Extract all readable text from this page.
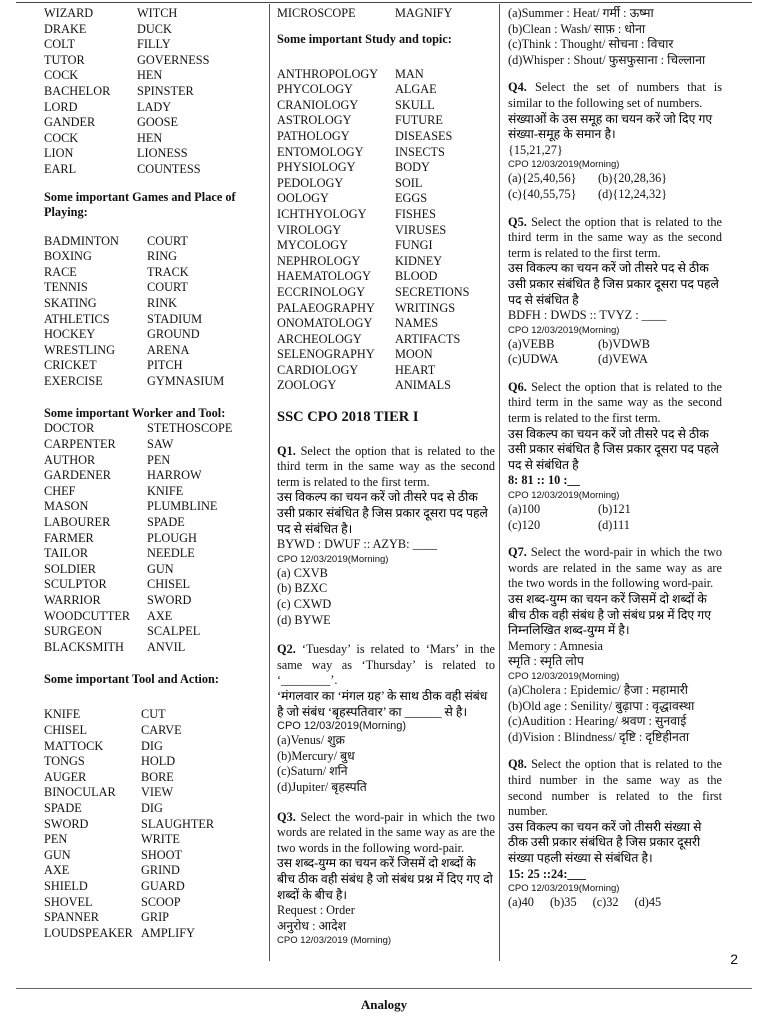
WIZARD	WITCH
DRAKE	DUCK
COLT	FILLY
TUTOR	GOVERNESS
COCK	HEN
BACHELOR	SPINSTER
LORD	LADY
GANDER	GOOSE
COCK	HEN
LION	LIONESS
EARL	COUNTESS
Some important Games and Place of Playing:
BADMINTON	COURT
BOXING	RING
RACE	TRACK
TENNIS	COURT
SKATING	RINK
ATHLETICS	STADIUM
HOCKEY	GROUND
WRESTLING	ARENA
CRICKET	PITCH
EXERCISE	GYMNASIUM
Some important Worker and Tool:
DOCTOR	STETHOSCOPE
CARPENTER	SAW
AUTHOR	PEN
GARDENER	HARROW
CHEF	KNIFE
MASON	PLUMBLINE
LABOURER	SPADE
FARMER	PLOUGH
TAILOR	NEEDLE
SOLDIER	GUN
SCULPTOR	CHISEL
WARRIOR	SWORD
WOODCUTTER	AXE
SURGEON	SCALPEL
BLACKSMITH	ANVIL
Some important Tool and Action:
KNIFE	CUT
CHISEL	CARVE
MATTOCK	DIG
TONGS	HOLD
AUGER	BORE
BINOCULAR	VIEW
SPADE	DIG
SWORD	SLAUGHTER
PEN	WRITE
GUN	SHOOT
AXE	GRIND
SHIELD	GUARD
SHOVEL	SCOOP
SPANNER	GRIP
LOUDSPEAKER AMPLIFY
MICROSCOPE	MAGNIFY
Some important Study and topic:
ANTHROPOLOGY	MAN
PHYCOLOGY	ALGAE
CRANIOLOGY	SKULL
ASTROLOGY	FUTURE
PATHOLOGY	DISEASES
ENTOMOLOGY	INSECTS
PHYSIOLOGY	BODY
PEDOLOGY	SOIL
OOLOGY	EGGS
ICHTHYOLOGY	FISHES
VIROLOGY	VIRUSES
MYCOLOGY	FUNGI
NEPHROLOGY	KIDNEY
HAEMATOLOGY	BLOOD
ECCRINOLOGY	SECRETIONS
PALAEOGRAPHY	WRITINGS
ONOMATOLOGY	NAMES
ARCHEOLOGY	ARTIFACTS
SELENOGRAPHY	MOON
CARDIOLOGY	HEART
ZOOLOGY	ANIMALS
SSC CPO 2018 TIER I
Q1. Select the option that is related to the third term in the same way as the second term is related to the first term.
उस विकल्प का चयन करें जो तीसरे पद से ठीक उसी प्रकार संबंधित है जिस प्रकार दूसरा पद पहले पद से संबंधित है।
BYWD : DWUF :: AZYB: ____
CPO 12/03/2019(Morning)
(a) CXVB
(b) BZXC
(c) CXWD
(d) BYWE
Q2. ‘Tuesday’ is related to ‘Mars’ in the same way as ‘Thursday’ is related to ‘________’.
‘मंगलवार का ‘मंगल ग्रह’ के साथ ठीक वही संबंध है जो संबंध ‘बृहस्पतिवार’ का ______ से है।
CPO 12/03/2019(Morning)
(a)Venus/ शुक्र
(b)Mercury/ बुध
(c)Saturn/ शनि
(d)Jupiter/ बृहस्पति
Q3. Select the word-pair in which the two words are related in the same way as are the two words in the following word-pair.
उस शब्द-युग्म का चयन करें जिसमें दो शब्दों के बीच ठीक वही संबंध है जो संबंध प्रश्न में दिए गए दो शब्दों के बीच है।
Request : Order
अनुरोध : आदेश
CPO 12/03/2019 (Morning)
(a)Summer : Heat/ गर्मी : ऊष्मा
(b)Clean : Wash/ साफ़ : धोना
(c)Think : Thought/ सोचना : विचार
(d)Whisper : Shout/ फुसफुसाना : चिल्लाना
Q4. Select the set of numbers that is similar to the following set of numbers.
संख्याओं के उस समूह का चयन करें जो दिए गए संख्या-समूह के समान है।
{15,21,27}
CPO 12/03/2019(Morning)
(a){25,40,56}	(b){20,28,36}
(c){40,55,75}	(d){12,24,32}
Q5. Select the option that is related to the third term in the same way as the second term is related to the first term.
उस विकल्प का चयन करें जो तीसरे पद से ठीक उसी प्रकार संबंधित है जिस प्रकार दूसरा पद पहले पद से संबंधित है
BDFH : DWDS :: TVYZ : ____
CPO 12/03/2019(Morning)
(a)VEBB	(b)VDWB
(c)UDWA	(d)VEWA
Q6. Select the option that is related to the third term in the same way as the second term is related to the first term.
उस विकल्प का चयन करें जो तीसरे पद से ठीक उसी प्रकार संबंधित है जिस प्रकार दूसरा पद पहले पद से संबंधित है
8: 81 :: 10 :__
CPO 12/03/2019(Morning)
(a)100	(b)121
(c)120	(d)111
Q7. Select the word-pair in which the two words are related in the same way as are the two words in the following word-pair.
उस शब्द-युग्म का चयन करें जिसमें दो शब्दों के बीच ठीक वही संबंध है जो संबंध प्रश्न में दिए गए निम्नलिखित शब्द-युग्म में है।
Memory : Amnesia
स्मृति : स्मृति लोप
CPO 12/03/2019(Morning)
(a)Cholera : Epidemic/ हैजा : महामारी
(b)Old age : Senility/ बुढ़ापा : वृद्धावस्था
(c)Audition : Hearing/ श्रवण : सुनवाई
(d)Vision : Blindness/ दृष्टि : दृष्टिहीनता
Q8. Select the option that is related to the third number in the same way as the second number is related to the first number.
उस विकल्प का चयन करें जो तीसरी संख्या से ठीक उसी प्रकार संबंधित है जिस प्रकार दूसरी संख्या पहली संख्या से संबंधित है।
15: 25 ::24:___
CPO 12/03/2019(Morning)
(a)40 (b)35 (c)32 (d)45
2
Analogy
